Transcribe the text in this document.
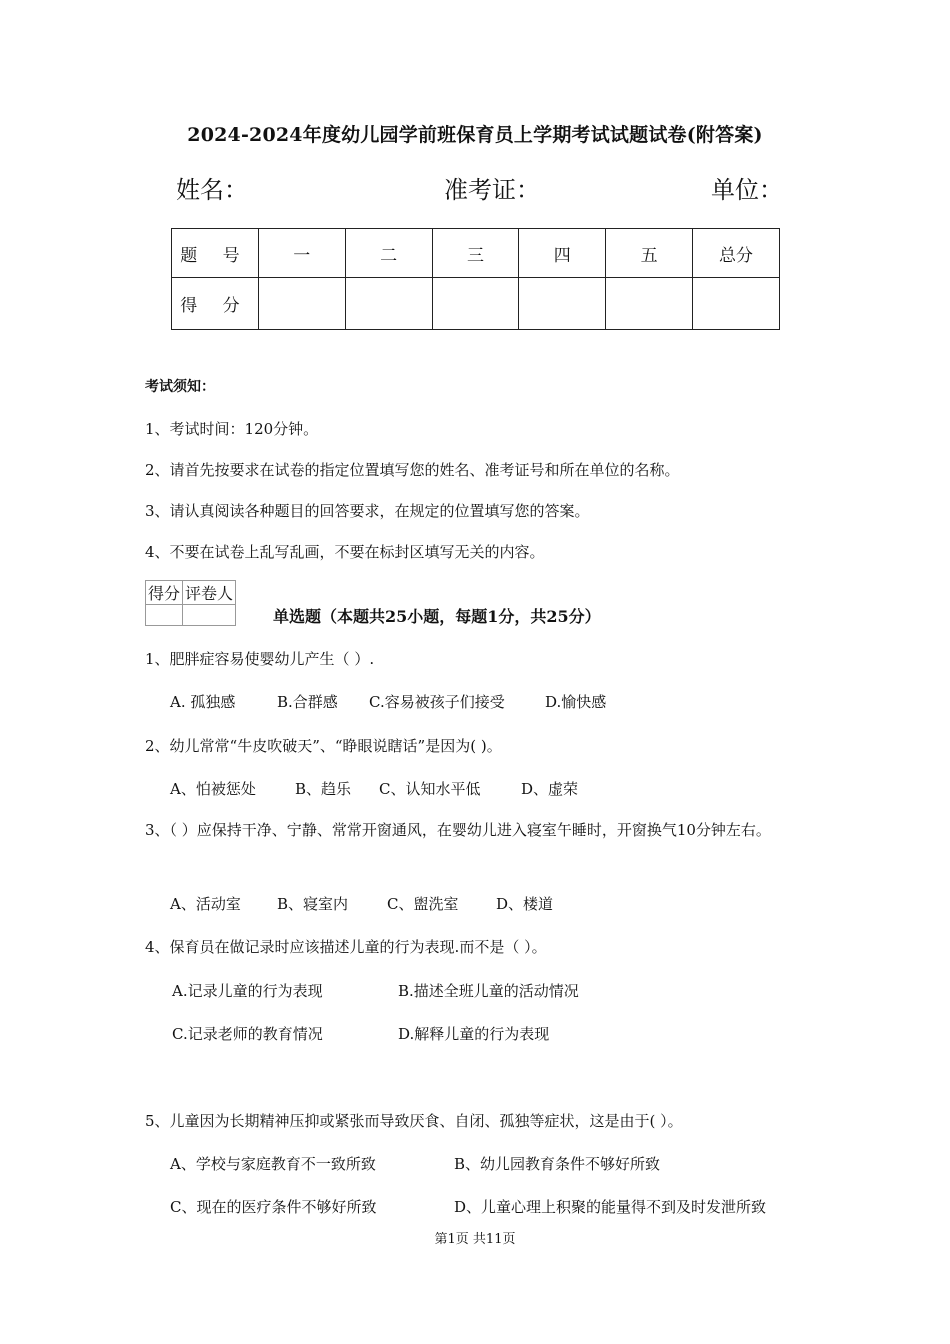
2024-2024年度幼儿园学前班保育员上学期考试试题试卷(附答案)
姓名：	准考证：	单位：
题 号	一	二	三	四	五	总分
得 分						
考试须知：
1、考试时间：120分钟。
2、请首先按要求在试卷的指定位置填写您的姓名、准考证号和所在单位的名称。
3、请认真阅读各种题目的回答要求，在规定的位置填写您的答案。
4、不要在试卷上乱写乱画，不要在标封区填写无关的内容。
得分	评卷人

单选题（本题共25小题，每题1分，共25分）
1、肥胖症容易使婴幼儿产生（ ）.
A. 孤独感	B.合群感 C.容易被孩子们接受	D.愉快感
2、幼儿常常“牛皮吹破天”、“睁眼说瞎话”是因为( )。
A、怕被惩处	B、趋乐 C、认知水平低	D、虚荣
3、（ ）应保持干净、宁静、常常开窗通风，在婴幼儿进入寝室午睡时，开窗换气10分钟左右。
A、活动室 B、寝室内	C、盥洗室	D、楼道
4、保育员在做记录时应该描述儿童的行为表现.而不是（ ）。
A.记录儿童的行为表现	B.描述全班儿童的活动情况
C.记录老师的教育情况	D.解释儿童的行为表现
5、儿童因为长期精神压抑或紧张而导致厌食、自闭、孤独等症状，这是由于( ）。
A、学校与家庭教育不一致所致	B、幼儿园教育条件不够好所致
C、现在的医疗条件不够好所致	D、儿童心理上积聚的能量得不到及时发泄所致
第1页 共11页
